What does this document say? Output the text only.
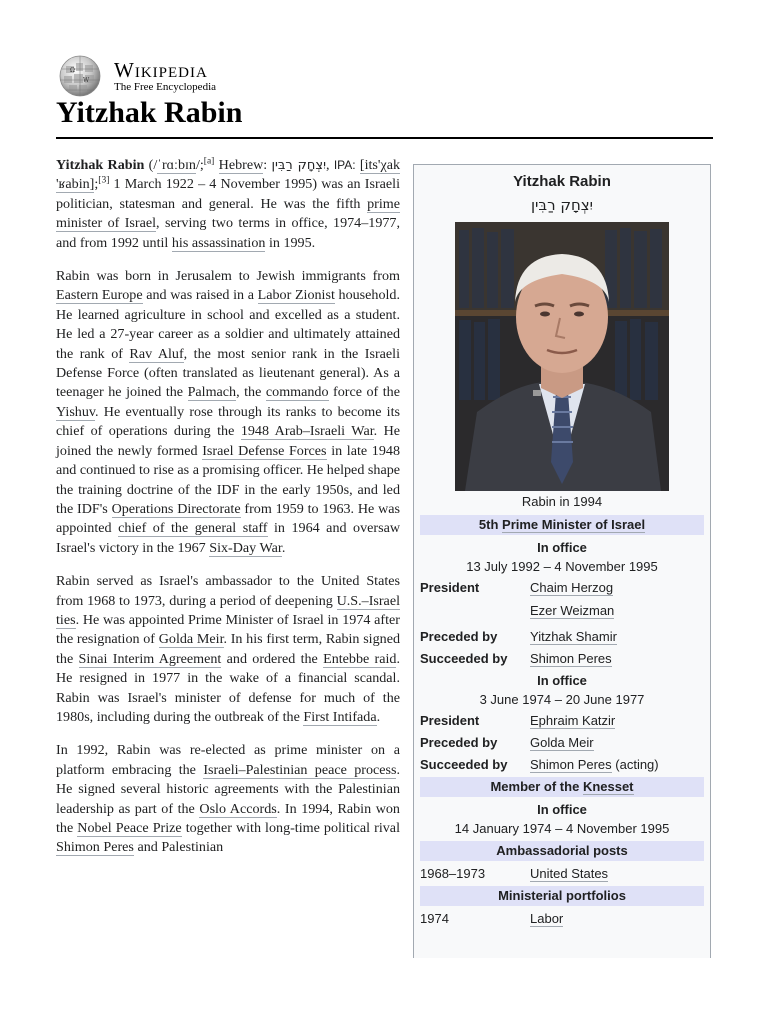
Ω
W Wikipedia
The Free Encyclopedia
Yitzhak Rabin

Yitzhak Rabin (/ˈrɑːbɪn/;[a] Hebrew: יִצְחָק רַבִּין, IPA: [its'χak 'ʁabin];[3] 1 March 1922 – 4 November 1995) was an Israeli politician, statesman and general. He was the fifth prime minister of Israel, serving two terms in office, 1974–1977, and from 1992 until his assassination in 1995.

Rabin was born in Jerusalem to Jewish immigrants from Eastern Europe and was raised in a Labor Zionist household. He learned agriculture in school and excelled as a student. He led a 27-year career as a soldier and ultimately attained the rank of Rav Aluf, the most senior rank in the Israeli Defense Force (often translated as lieutenant general). As a teenager he joined the Palmach, the commando force of the Yishuv. He eventually rose through its ranks to become its chief of operations during the 1948 Arab–Israeli War. He joined the newly formed Israel Defense Forces in late 1948 and continued to rise as a promising officer. He helped shape the training doctrine of the IDF in the early 1950s, and led the IDF's Operations Directorate from 1959 to 1963. He was appointed chief of the general staff in 1964 and oversaw Israel's victory in the 1967 Six-Day War.

Rabin served as Israel's ambassador to the United States from 1968 to 1973, during a period of deepening U.S.–Israel ties. He was appointed Prime Minister of Israel in 1974 after the resignation of Golda Meir. In his first term, Rabin signed the Sinai Interim Agreement and ordered the Entebbe raid. He resigned in 1977 in the wake of a financial scandal. Rabin was Israel's minister of defense for much of the 1980s, including during the outbreak of the First Intifada.

In 1992, Rabin was re-elected as prime minister on a platform embracing the Israeli–Palestinian peace process. He signed several historic agreements with the Palestinian leadership as part of the Oslo Accords. In 1994, Rabin won the Nobel Peace Prize together with long-time political rival Shimon Peres and Palestinian

Yitzhak Rabin
יִצְחָק רַבִּין
Rabin in 1994
5th Prime Minister of Israel
In office
13 July 1992 – 4 November 1995
President	Chaim Herzog
Ezer Weizman
Preceded by	Yitzhak Shamir
Succeeded by	Shimon Peres
In office
3 June 1974 – 20 June 1977
President	Ephraim Katzir
Preceded by	Golda Meir
Succeeded by	Shimon Peres (acting)
Member of the Knesset
In office
14 January 1974 – 4 November 1995
Ambassadorial posts
1968–1973	United States
Ministerial portfolios
1974	Labor
